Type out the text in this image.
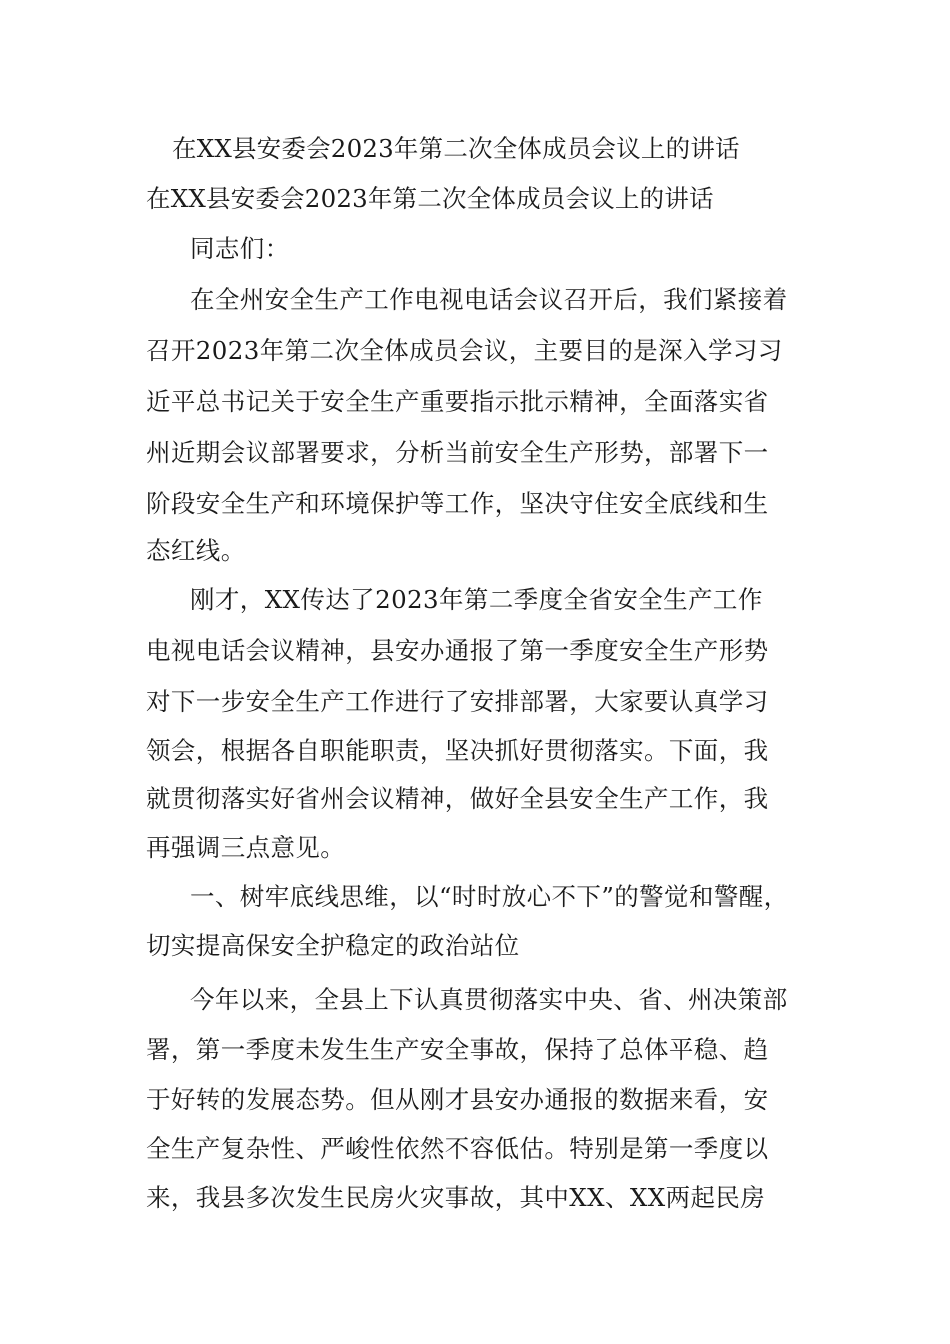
在XX县安委会2023年第二次全体成员会议上的讲话
在XX县安委会2023年第二次全体成员会议上的讲话
同志们：
在全州安全生产工作电视电话会议召开后，我们紧接着
召开2023年第二次全体成员会议，主要目的是深入学习习
近平总书记关于安全生产重要指示批示精神，全面落实省
州近期会议部署要求，分析当前安全生产形势，部署下一
阶段安全生产和环境保护等工作，坚决守住安全底线和生
态红线。
刚才，XX传达了2023年第二季度全省安全生产工作
电视电话会议精神，县安办通报了第一季度安全生产形势
对下一步安全生产工作进行了安排部署，大家要认真学习
领会，根据各自职能职责，坚决抓好贯彻落实。下面，我
就贯彻落实好省州会议精神，做好全县安全生产工作，我
再强调三点意见。
一、树牢底线思维，以“时时放心不下”的警觉和警醒，
切实提高保安全护稳定的政治站位
今年以来，全县上下认真贯彻落实中央、省、州决策部
署，第一季度未发生生产安全事故，保持了总体平稳、趋
于好转的发展态势。但从刚才县安办通报的数据来看，安
全生产复杂性、严峻性依然不容低估。特别是第一季度以
来，我县多次发生民房火灾事故，其中XX、XX两起民房
